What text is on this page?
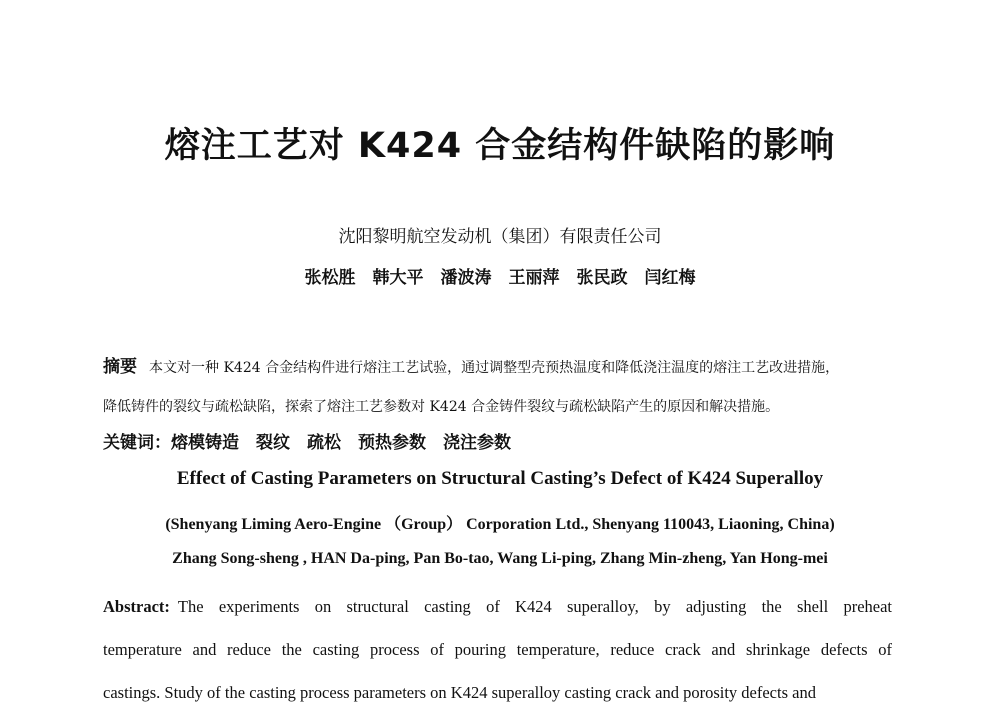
熔注工艺对 K424 合金结构件缺陷的影响
沈阳黎明航空发动机（集团）有限责任公司
张松胜　韩大平　潘波涛　王丽萍　张民政　闫红梅
摘要 本文对一种 K424 合金结构件进行熔注工艺试验，通过调整型壳预热温度和降低浇注温度的熔注工艺改进措施，
降低铸件的裂纹与疏松缺陷，探索了熔注工艺参数对 K424 合金铸件裂纹与疏松缺陷产生的原因和解决措施。
关键词：熔模铸造　裂纹　疏松　预热参数　浇注参数
Effect of Casting Parameters on Structural Casting’s Defect of K424 Superalloy
(Shenyang Liming Aero-Engine （Group） Corporation Ltd., Shenyang 110043, Liaoning, China)
Zhang Song-sheng , HAN Da-ping, Pan Bo-tao, Wang Li-ping, Zhang Min-zheng, Yan Hong-mei
Abstract: The experiments on structural casting of K424 superalloy, by adjusting the shell preheat
temperature and reduce the casting process of pouring temperature, reduce crack and shrinkage defects of
castings. Study of the casting process parameters on K424 superalloy casting crack and porosity defects and
